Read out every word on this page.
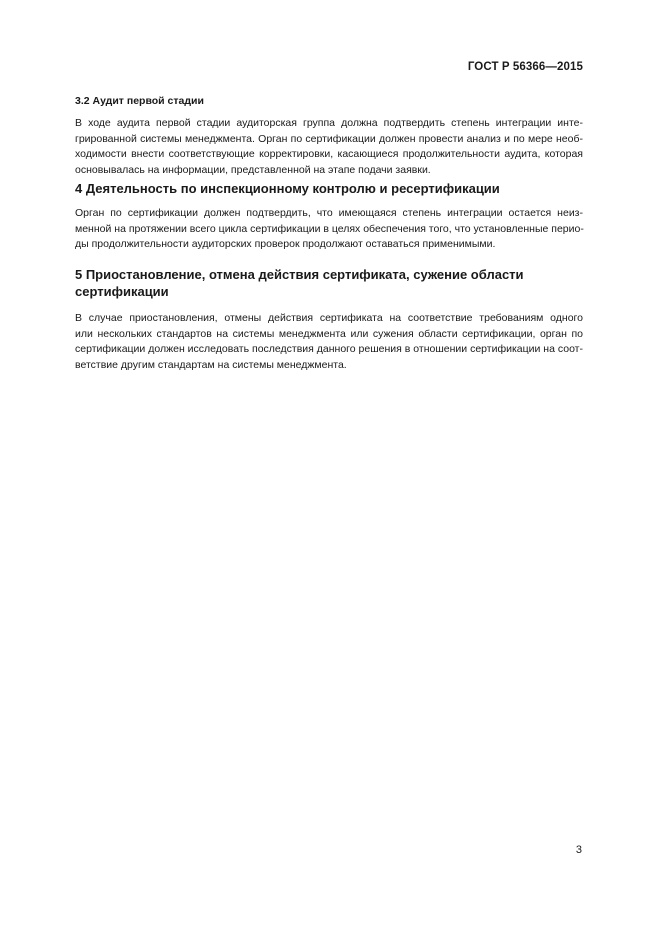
ГОСТ Р 56366—2015
3.2 Аудит первой стадии
В ходе аудита первой стадии аудиторская группа должна подтвердить степень интеграции инте-
грированной системы менеджмента. Орган по сертификации должен провести анализ и по мере необ-
ходимости внести соответствующие корректировки, касающиеся продолжительности аудита, которая
основывалась на информации, представленной на этапе подачи заявки.
4 Деятельность по инспекционному контролю и ресертификации
Орган по сертификации должен подтвердить, что имеющаяся степень интеграции остается неиз-
менной на протяжении всего цикла сертификации в целях обеспечения того, что установленные перио-
ды продолжительности аудиторских проверок продолжают оставаться применимыми.
5 Приостановление, отмена действия сертификата, сужение области
сертификации
В случае приостановления, отмены действия сертификата на соответствие требованиям одного
или нескольких стандартов на системы менеджмента или сужения области сертификации, орган по
сертификации должен исследовать последствия данного решения в отношении сертификации на соот-
ветствие другим стандартам на системы менеджмента.
3
